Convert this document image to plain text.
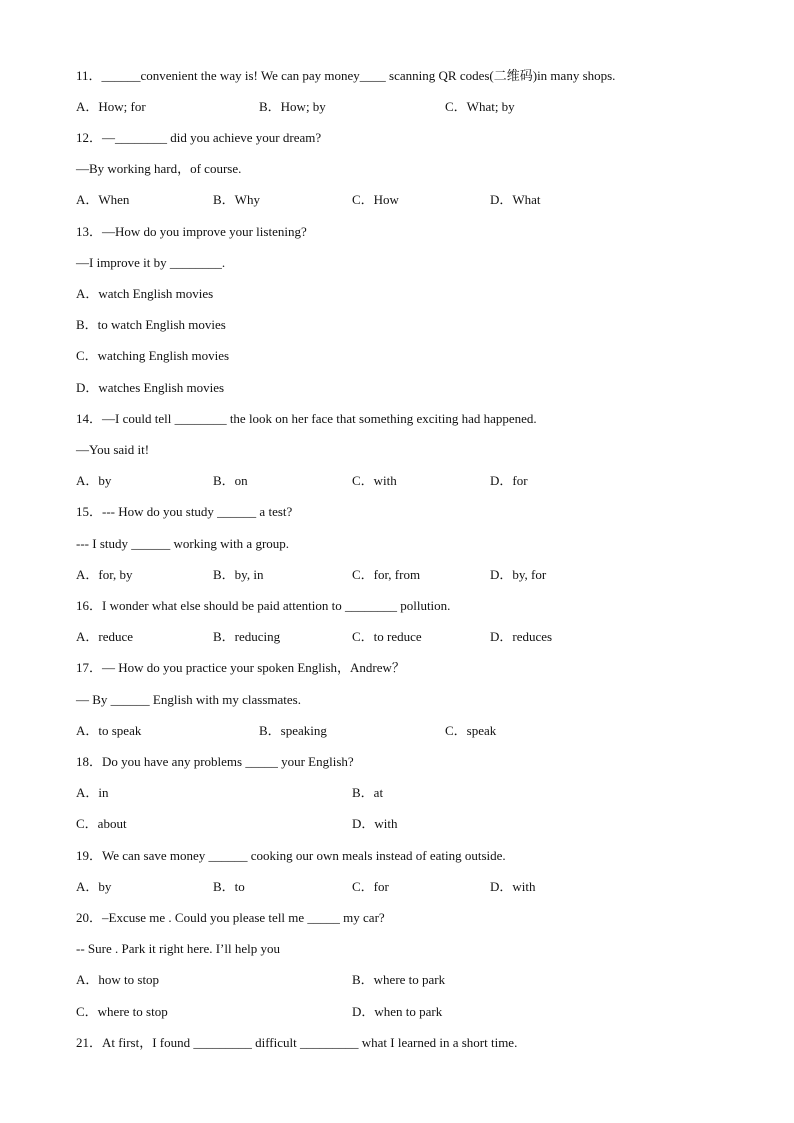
11．______convenient the way is! We can pay money____ scanning QR codes(二维码)in many shops.
A．How; for	B．How; by	C．What; by
12．—________ did you achieve your dream?
—By working hard，of course.
A．When	B．Why	C．How	D．What
13．—How do you improve your listening?
—I improve it by ________.
A．watch English movies
B．to watch English movies
C．watching English movies
D．watches English movies
14．—I could tell ________ the look on her face that something exciting had happened.
—You said it!
A．by	B．on	C．with	D．for
15．--- How do you study ______ a test?
--- I study ______ working with a group.
A．for, by	B．by, in	C．for, from	D．by, for
16．I wonder what else should be paid attention to ________ pollution.
A．reduce	B．reducing	C．to reduce	D．reduces
17．— How do you practice your spoken English，Andrew？
— By ______ English with my classmates.
A．to speak	B．speaking	C．speak
18．Do you have any problems _____ your English?
A．in	B．at
C．about	D．with
19．We can save money ______ cooking our own meals instead of eating outside.
A．by	B．to	C．for	D．with
20．–Excuse me . Could you please tell me _____ my car?
-- Sure . Park it right here. I’ll help you
A．how to stop	B．where to park
C．where to stop	D．when to park
21．At first，I found _________ difficult _________ what I learned in a short time.
